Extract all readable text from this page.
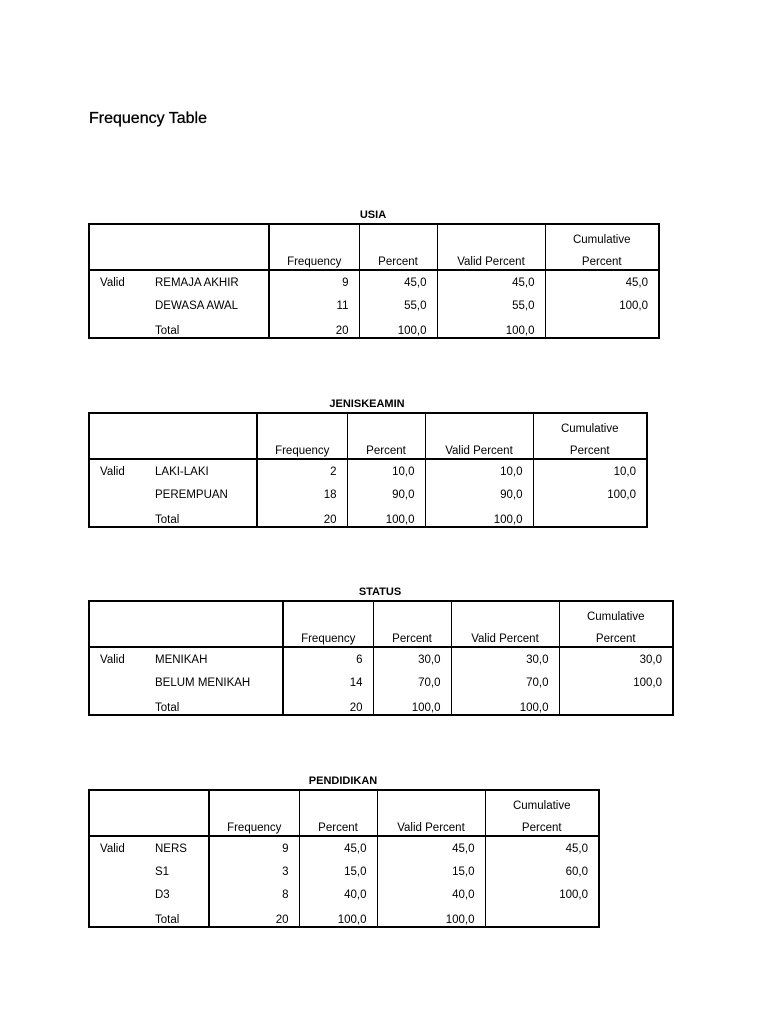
Frequency Table
USIA
					Cumulative
		Frequency	Percent	Valid Percent	Percent
Valid	REMAJA AKHIR	9	45,0	45,0	45,0
	DEWASA AWAL	11	55,0	55,0	100,0
	Total	20	100,0	100,0	
JENISKEAMIN
					Cumulative
		Frequency	Percent	Valid Percent	Percent
Valid	LAKI-LAKI	2	10,0	10,0	10,0
	PEREMPUAN	18	90,0	90,0	100,0
	Total	20	100,0	100,0	
STATUS
					Cumulative
		Frequency	Percent	Valid Percent	Percent
Valid	MENIKAH	6	30,0	30,0	30,0
	BELUM MENIKAH	14	70,0	70,0	100,0
	Total	20	100,0	100,0	
PENDIDIKAN
					Cumulative
		Frequency	Percent	Valid Percent	Percent
Valid	NERS	9	45,0	45,0	45,0
	S1	3	15,0	15,0	60,0
	D3	8	40,0	40,0	100,0
	Total	20	100,0	100,0	
